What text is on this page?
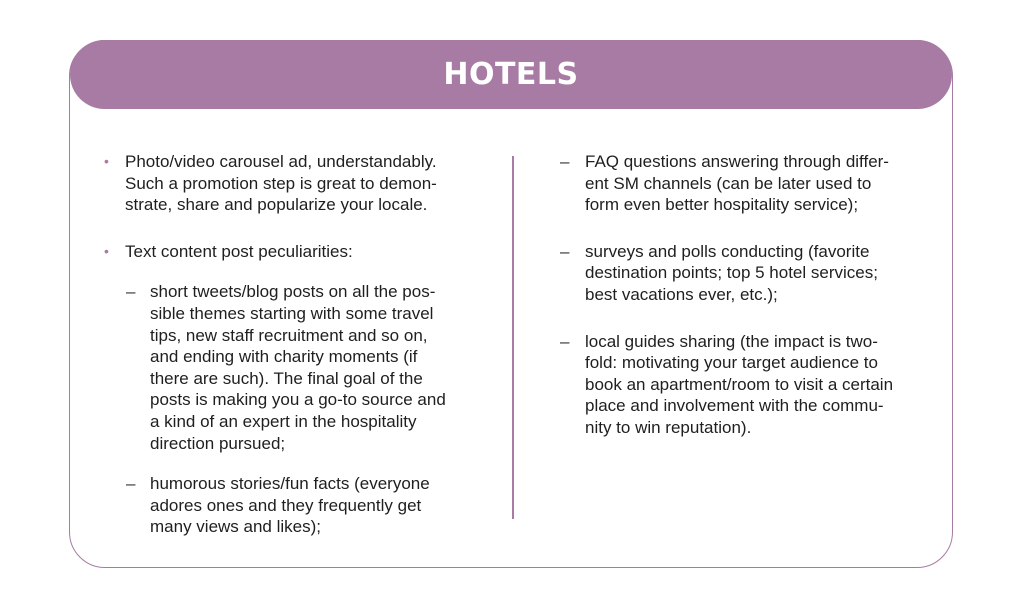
HOTELS
• Photo/video carousel ad, understandably.
Such a promotion step is great to demon-
strate, share and popularize your locale.
• Text content post peculiarities:
– short tweets/blog posts on all the pos-
sible themes starting with some travel
tips, new staff recruitment and so on,
and ending with charity moments (if
there are such). The final goal of the
posts is making you a go-to source and
a kind of an expert in the hospitality
direction pursued;
– humorous stories/fun facts (everyone
adores ones and they frequently get
many views and likes);
– FAQ questions answering through differ-
ent SM channels (can be later used to
form even better hospitality service);
– surveys and polls conducting (favorite
destination points; top 5 hotel services;
best vacations ever, etc.);
– local guides sharing (the impact is two-
fold: motivating your target audience to
book an apartment/room to visit a certain
place and involvement with the commu-
nity to win reputation).
